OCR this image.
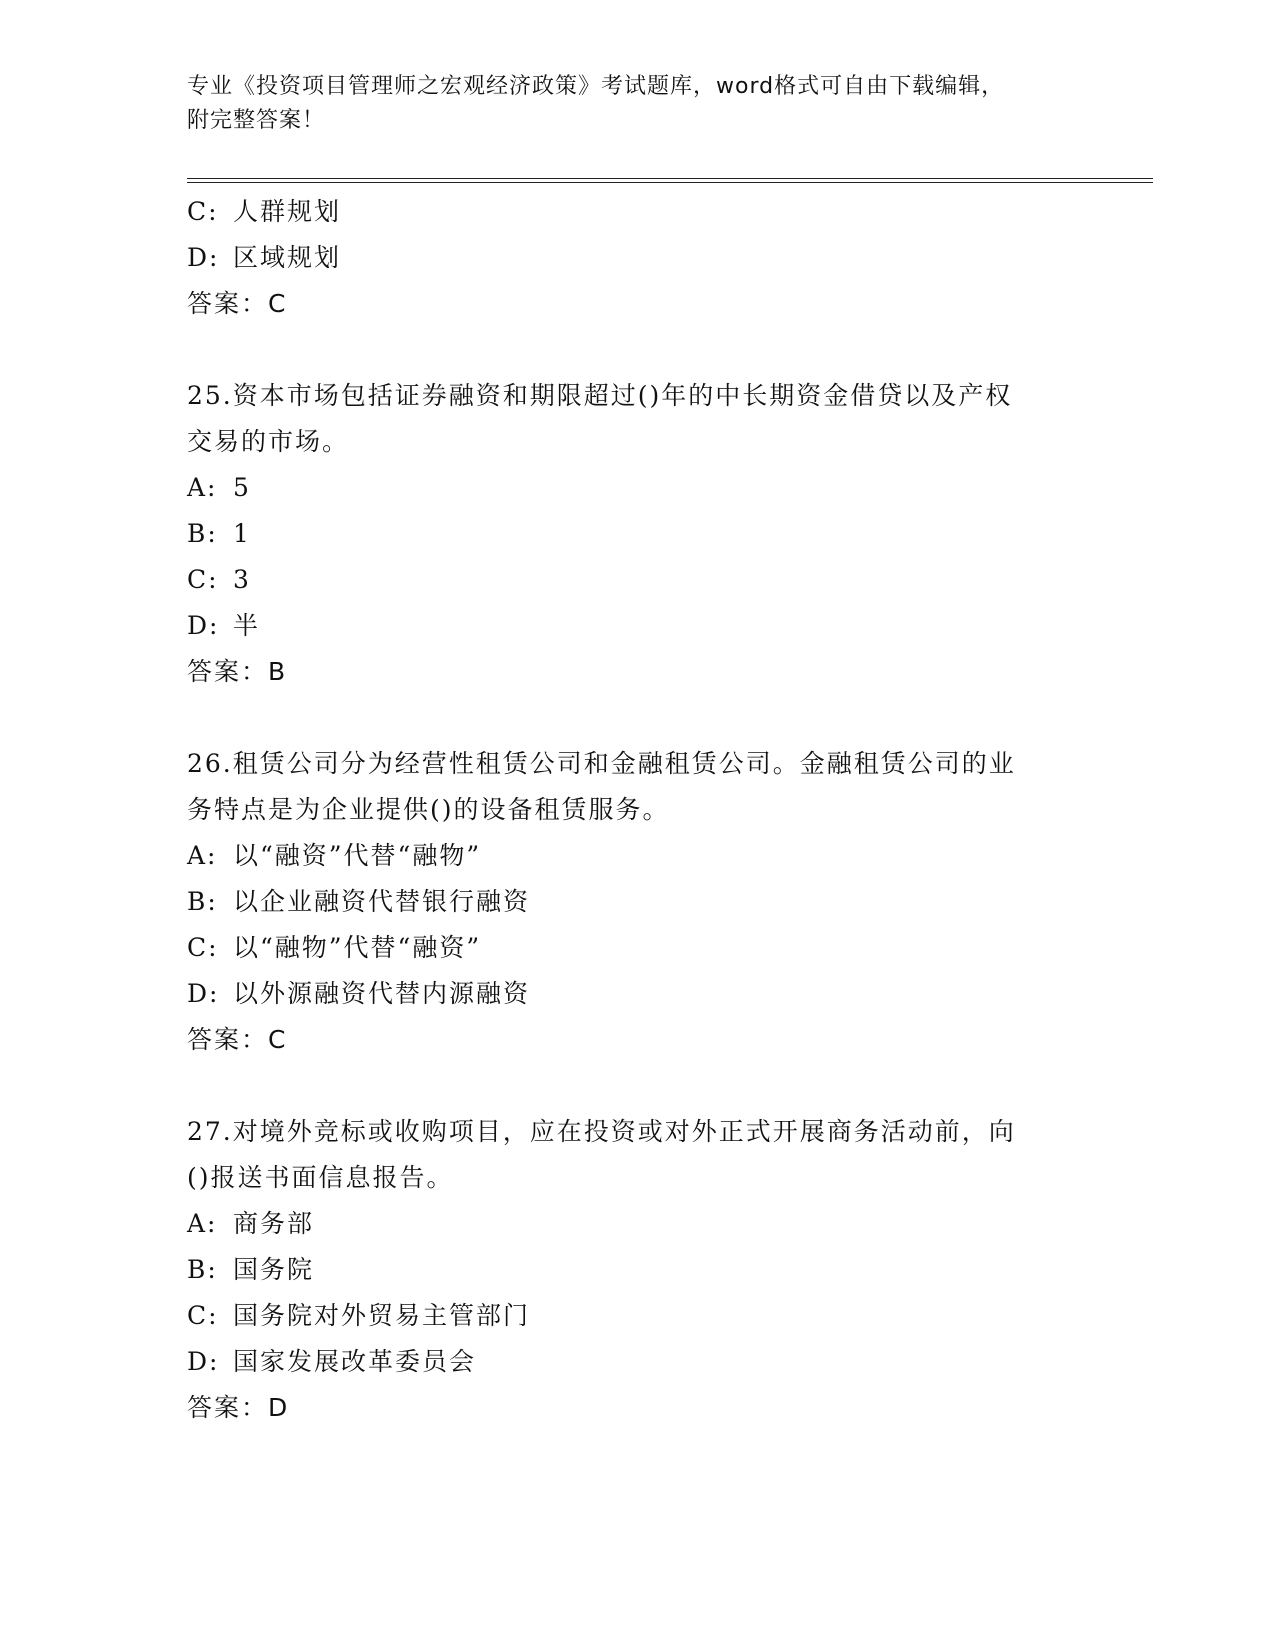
专业《投资项目管理师之宏观经济政策》考试题库，word格式可自由下载编辑，
附完整答案！
C: 人群规划
D: 区域规划
答案：C
25.资本市场包括证券融资和期限超过()年的中长期资金借贷以及产权
交易的市场。
A: 5
B: 1
C: 3
D: 半
答案：B
26.租赁公司分为经营性租赁公司和金融租赁公司。金融租赁公司的业
务特点是为企业提供()的设备租赁服务。
A: 以“融资”代替“融物”
B: 以企业融资代替银行融资
C: 以“融物”代替“融资”
D: 以外源融资代替内源融资
答案：C
27.对境外竞标或收购项目，应在投资或对外正式开展商务活动前，向
()报送书面信息报告。
A: 商务部
B: 国务院
C: 国务院对外贸易主管部门
D: 国家发展改革委员会
答案：D
